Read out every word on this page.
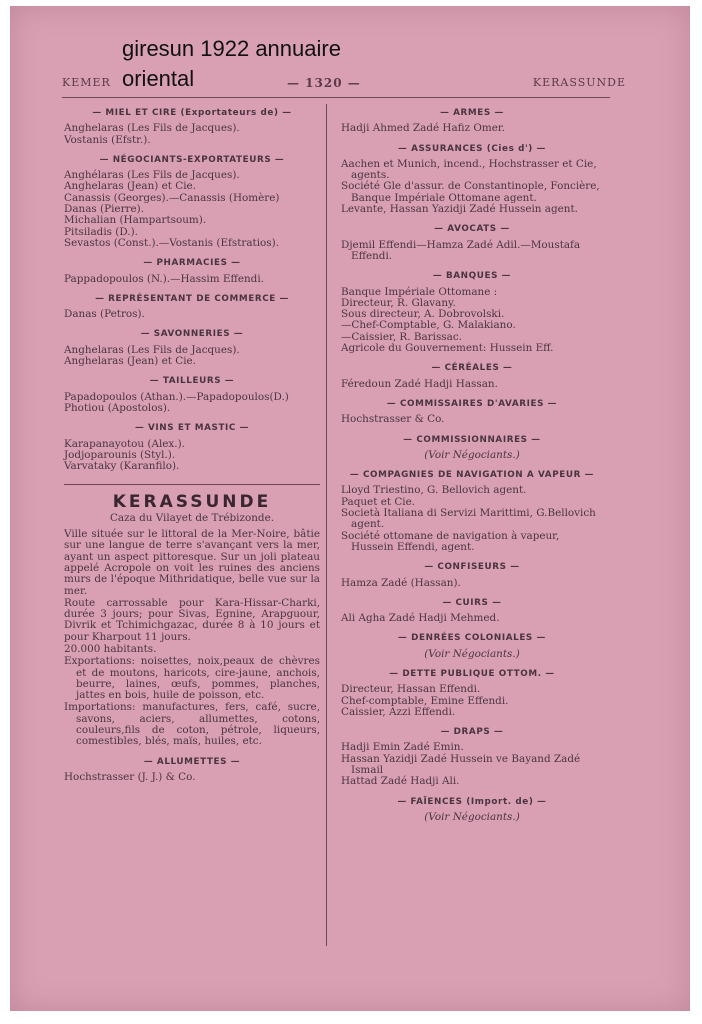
giresun 1922 annuaire
oriental
KEMER	— 1320 —	KERASSUNDE
— MIEL ET CIRE (Exportateurs de) —
Anghelaras (Les Fils de Jacques).
Vostanis (Efstr.).
— NÉGOCIANTS-EXPORTATEURS —
Anghélaras (Les Fils de Jacques).
Anghelaras (Jean) et Cie.
Canassis (Georges).—Canassis (Homère)
Danas (Pierre).
Michalian (Hampartsoum).
Pitsiladis (D.).
Sevastos (Const.).—Vostanis (Efstratios).
— PHARMACIES —
Pappadopoulos (N.).—Hassim Effendi.
— REPRÉSENTANT DE COMMERCE —
Danas (Petros).
— SAVONNERIES —
Anghelaras (Les Fils de Jacques).
Anghelaras (Jean) et Cie.
— TAILLEURS —
Papadopoulos (Athan.).—Papadopoulos(D.)
Photiou (Apostolos).
— VINS ET MASTIC —
Karapanayotou (Alex.).
Jodjoparounis (Styl.).
Varvataky (Karanfilo).
KERASSUNDE
Caza du Vilayet de Trébizonde.
Ville située sur le littoral de la Mer-Noire, bâtie sur une langue de terre s'avançant vers la mer, ayant un aspect pittoresque. Sur un joli plateau appelé Acropole on voit les ruines des anciens murs de l'époque Mithridatique, belle vue sur la mer.
Route carrossable pour Kara-Hissar-Charki, durée 3 jours; pour Sivas, Egnine, Arapguour, Divrik et Tchimichgazac, durée 8 à 10 jours et pour Kharpout 11 jours.
20.000 habitants.
Exportations: noisettes, noix,peaux de chèvres et de moutons, haricots, cire-jaune, anchois, beurre, laines, œufs, pommes, planches, jattes en bois, huile de poisson, etc.
Importations: manufactures, fers, café, sucre, savons, aciers, allumettes, cotons, couleurs,fils de coton, pétrole, liqueurs, comestibles, blés, maïs, huiles, etc.
— ALLUMETTES —
Hochstrasser (J. J.) & Co.
— ARMES —
Hadji Ahmed Zadé Hafiz Omer.
— ASSURANCES (Cies d') —
Aachen et Munich, incend., Hochstrasser et Cie, agents.
Société Gle d'assur. de Constantinople, Foncière, Banque Impériale Ottomane agent.
Levante, Hassan Yazidji Zadé Hussein agent.
— AVOCATS —
Djemil Effendi—Hamza Zadé Adil.—Moustafa Effendi.
— BANQUES —
Banque Impériale Ottomane :
Directeur, R. Glavany.
Sous directeur, A. Dobrovolski.
—Chef-Comptable, G. Malakiano.
—Caissier, R. Barissac.
Agricole du Gouvernement: Hussein Eff.
— CÉRÉALES —
Féredoun Zadé Hadji Hassan.
— COMMISSAIRES D'AVARIES —
Hochstrasser & Co.
— COMMISSIONNAIRES —
(Voir Négociants.)
— COMPAGNIES DE NAVIGATION A VAPEUR —
Lloyd Triestino, G. Bellovich agent.
Paquet et Cie.
Società Italiana di Servizi Marittimi, G.Bellovich agent.
Société ottomane de navigation à vapeur, Hussein Effendi, agent.
— CONFISEURS —
Hamza Zadé (Hassan).
— CUIRS —
Ali Agha Zadé Hadji Mehmed.
— DENRÉES COLONIALES —
(Voir Négociants.)
— DETTE PUBLIQUE OTTOM. —
Directeur, Hassan Effendi.
Chef-comptable, Emine Effendi.
Caissier, Azzi Effendi.
— DRAPS —
Hadji Emin Zadé Emin.
Hassan Yazidji Zadé Hussein ve Bayand Zadé Ismail
Hattad Zadé Hadji Ali.
— FAÏENCES (Import. de) —
(Voir Négociants.)
